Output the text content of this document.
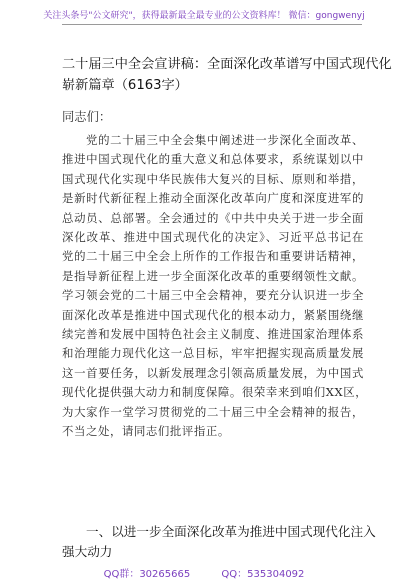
关注头条号"公文研究"，获得最新最全最专业的公文资料库！ 微信：gongwenyj
二十届三中全会宣讲稿：全面深化改革谱写中国式现代化
崭新篇章（6163字）
同志们：

党的二十届三中全会集中阐述进一步深化全面改革、
推进中国式现代化的重大意义和总体要求，系统谋划以中
国式现代化实现中华民族伟大复兴的目标、原则和举措，
是新时代新征程上推动全面深化改革向广度和深度进军的
总动员、总部署。全会通过的《中共中央关于进一步全面
深化改革、推进中国式现代化的决定》、习近平总书记在
党的二十届三中全会上所作的工作报告和重要讲话精神，
是指导新征程上进一步全面深化改革的重要纲领性文献。
学习领会党的二十届三中全会精神，要充分认识进一步全
面深化改革是推进中国式现代化的根本动力，紧紧围绕继
续完善和发展中国特色社会主义制度、推进国家治理体系
和治理能力现代化这一总目标，牢牢把握实现高质量发展
这一首要任务，以新发展理念引领高质量发展，为中国式
现代化提供强大动力和制度保障。很荣幸来到咱们XX区，
为大家作一堂学习贯彻党的二十届三中全会精神的报告，
不当之处，请同志们批评指正。

一、以进一步全面深化改革为推进中国式现代化注入
强大动力
QQ群：30265665	QQ：535304092
